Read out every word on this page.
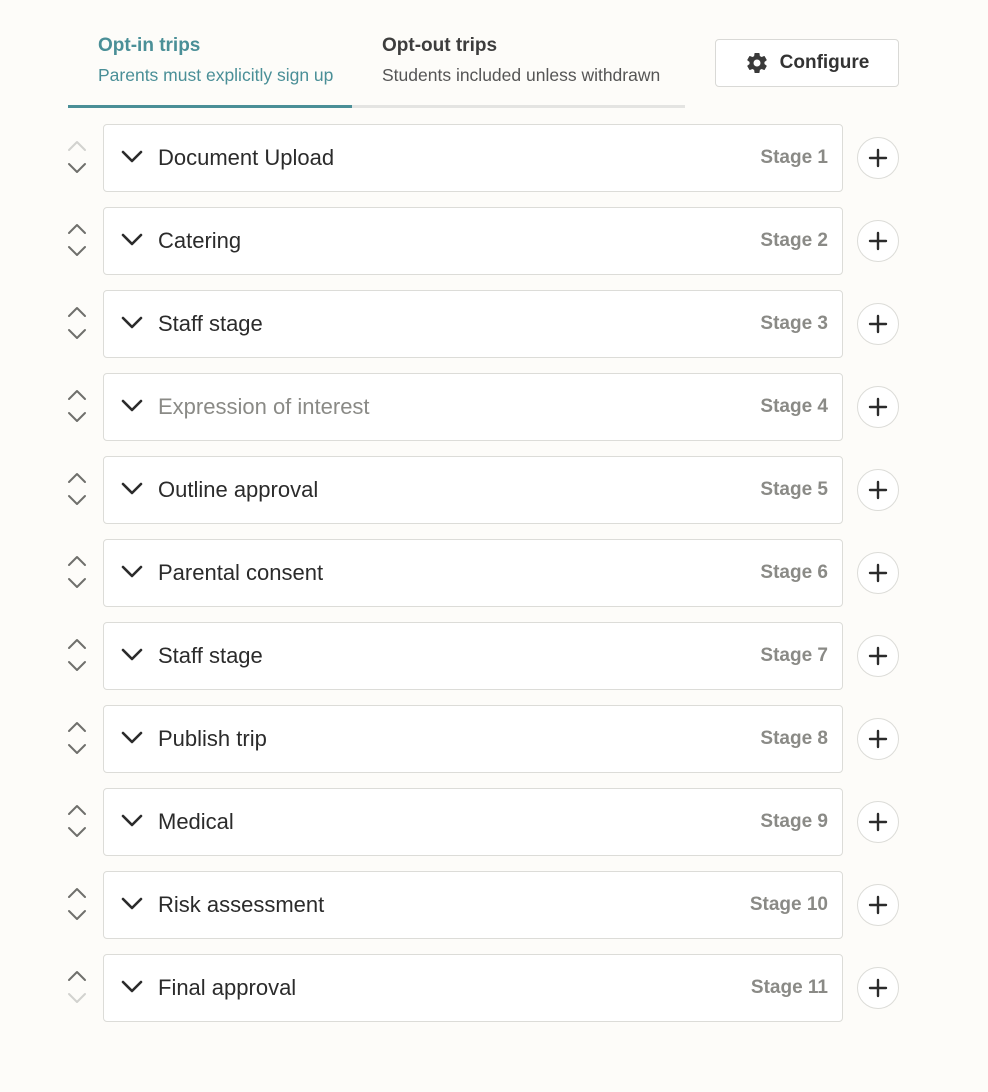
Opt-in trips
Parents must explicitly sign up
Opt-out trips
Students included unless withdrawn
Configure
Document Upload	Stage 1
Catering	Stage 2
Staff stage	Stage 3
Expression of interest	Stage 4
Outline approval	Stage 5
Parental consent	Stage 6
Staff stage	Stage 7
Publish trip	Stage 8
Medical	Stage 9
Risk assessment	Stage 10
Final approval	Stage 11
